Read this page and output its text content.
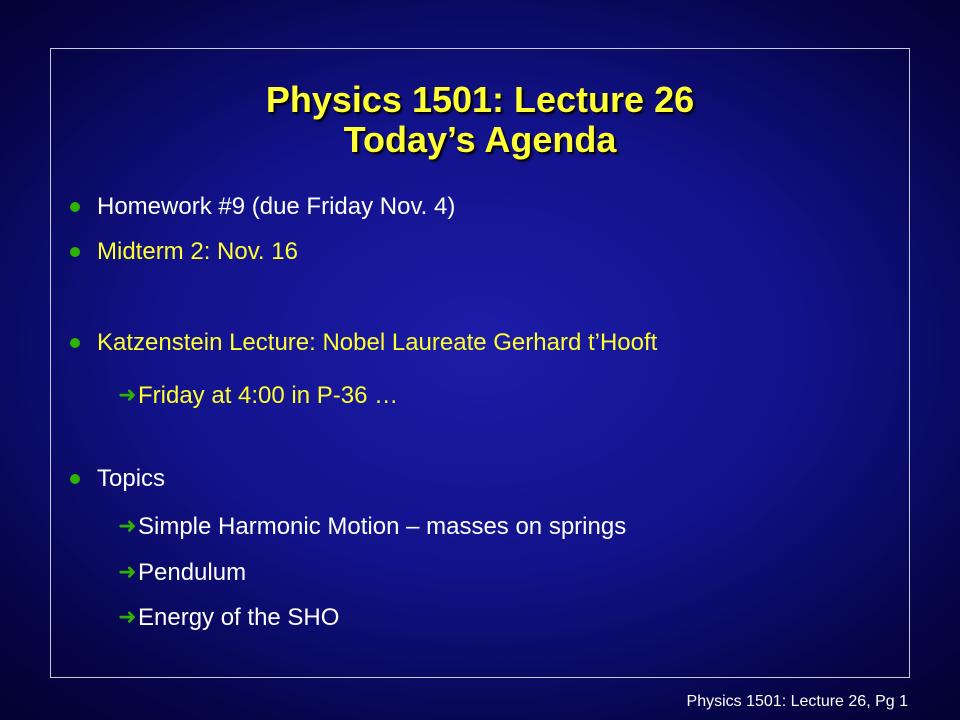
Physics 1501: Lecture 26
Today’s Agenda
Homework #9 (due Friday Nov. 4)
Midterm 2: Nov. 16
Katzenstein Lecture: Nobel Laureate Gerhard t’Hooft
➜ Friday at 4:00 in P-36 …
Topics
➜ Simple Harmonic Motion – masses on springs
➜ Pendulum
➜ Energy of the SHO
Physics 1501: Lecture 26, Pg 1
